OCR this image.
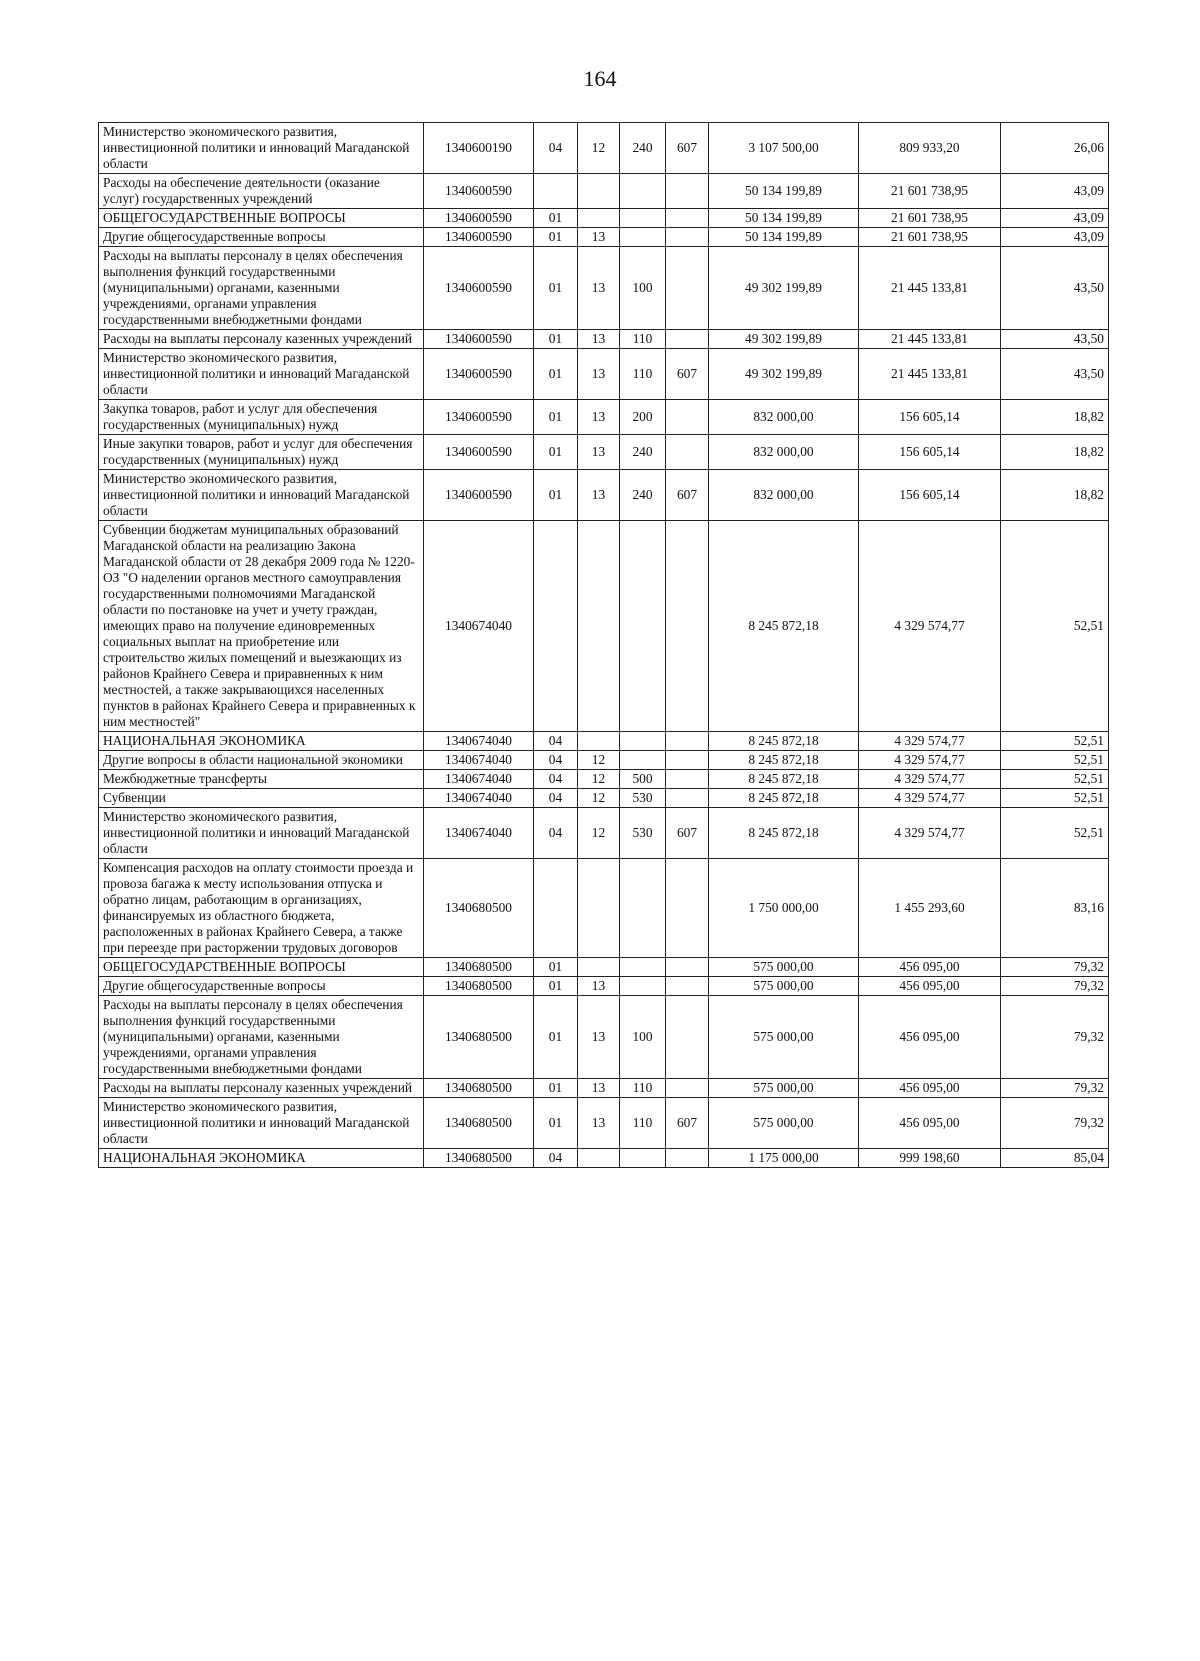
164
Министерство экономического развития, инвестиционной политики и инноваций Магаданской области	1340600190	04	12	240	607	3 107 500,00	809 933,20	26,06
Расходы на обеспечение деятельности (оказание услуг) государственных учреждений	1340600590					50 134 199,89	21 601 738,95	43,09
ОБЩЕГОСУДАРСТВЕННЫЕ ВОПРОСЫ	1340600590	01				50 134 199,89	21 601 738,95	43,09
Другие общегосударственные вопросы	1340600590	01	13			50 134 199,89	21 601 738,95	43,09
Расходы на выплаты персоналу в целях обеспечения выполнения функций государственными (муниципальными) органами, казенными учреждениями, органами управления государственными внебюджетными фондами	1340600590	01	13	100		49 302 199,89	21 445 133,81	43,50
Расходы на выплаты персоналу казенных учреждений	1340600590	01	13	110		49 302 199,89	21 445 133,81	43,50
Министерство экономического развития, инвестиционной политики и инноваций Магаданской области	1340600590	01	13	110	607	49 302 199,89	21 445 133,81	43,50
Закупка товаров, работ и услуг для обеспечения государственных (муниципальных) нужд	1340600590	01	13	200		832 000,00	156 605,14	18,82
Иные закупки товаров, работ и услуг для обеспечения государственных (муниципальных) нужд	1340600590	01	13	240		832 000,00	156 605,14	18,82
Министерство экономического развития, инвестиционной политики и инноваций Магаданской области	1340600590	01	13	240	607	832 000,00	156 605,14	18,82
Субвенции бюджетам муниципальных образований Магаданской области на реализацию Закона Магаданской области от 28 декабря 2009 года № 1220-ОЗ "О наделении органов местного самоуправления государственными полномочиями Магаданской области по постановке на учет и учету граждан, имеющих право на получение единовременных социальных выплат на приобретение или строительство жилых помещений и выезжающих из районов Крайнего Севера и приравненных к ним местностей, а также закрывающихся населенных пунктов в районах Крайнего Севера и приравненных к ним местностей"	1340674040					8 245 872,18	4 329 574,77	52,51
НАЦИОНАЛЬНАЯ ЭКОНОМИКА	1340674040	04				8 245 872,18	4 329 574,77	52,51
Другие вопросы в области национальной экономики	1340674040	04	12			8 245 872,18	4 329 574,77	52,51
Межбюджетные трансферты	1340674040	04	12	500		8 245 872,18	4 329 574,77	52,51
Субвенции	1340674040	04	12	530		8 245 872,18	4 329 574,77	52,51
Министерство экономического развития, инвестиционной политики и инноваций Магаданской области	1340674040	04	12	530	607	8 245 872,18	4 329 574,77	52,51
Компенсация расходов на оплату стоимости проезда и провоза багажа к месту использования отпуска и обратно лицам, работающим в организациях, финансируемых из областного бюджета, расположенных в районах Крайнего Севера, а также при переезде при расторжении трудовых договоров	1340680500					1 750 000,00	1 455 293,60	83,16
ОБЩЕГОСУДАРСТВЕННЫЕ ВОПРОСЫ	1340680500	01				575 000,00	456 095,00	79,32
Другие общегосударственные вопросы	1340680500	01	13			575 000,00	456 095,00	79,32
Расходы на выплаты персоналу в целях обеспечения выполнения функций государственными (муниципальными) органами, казенными учреждениями, органами управления государственными внебюджетными фондами	1340680500	01	13	100		575 000,00	456 095,00	79,32
Расходы на выплаты персоналу казенных учреждений	1340680500	01	13	110		575 000,00	456 095,00	79,32
Министерство экономического развития, инвестиционной политики и инноваций Магаданской области	1340680500	01	13	110	607	575 000,00	456 095,00	79,32
НАЦИОНАЛЬНАЯ ЭКОНОМИКА	1340680500	04				1 175 000,00	999 198,60	85,04
